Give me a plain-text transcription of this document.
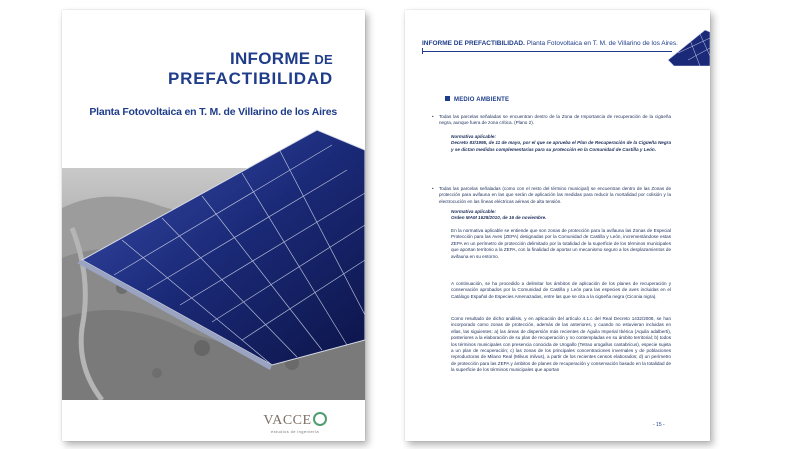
INFORME DE
PREFACTIBILIDAD
Planta Fotovoltaica en T. M. de Villarino de los Aires
VACCE
estudios de ingeniería
INFORME DE PREFACTIBILIDAD. Planta Fotovoltaica en T. M. de Villarino de los Aires.
MEDIO AMBIENTE
• Todas las parcelas señaladas se encuentran dentro de la Zona de Importancia de recuperación de la cigüeña negra, aunque fuera de zona crítica. (Plano 2).
Normativa aplicable:
Decreto 83/1995, de 11 de mayo, por el que se aprueba el Plan de Recuperación de la Cigüeña Negra y se dictan medidas complementarias para su protección en la Comunidad de Castilla y León.
• Todas las parcelas señaladas (como con el resto del término municipal) se encuentran dentro de las Zonas de protección para avifauna en las que serán de aplicación las medidas para reducir la mortalidad por colisión y la electrocución en las líneas eléctricas aéreas de alta tensión.
Normativa aplicable:
Orden MAM 1628/2010, de 16 de noviembre.
En la normativa aplicable se entiende que son zonas de protección para la avifauna las Zonas de Especial Protección para las Aves (ZEPA) designadas por la Comunidad de Castilla y León, incrementándose estas ZEPA en un perímetro de protección delimitado por la totalidad de la superficie de los términos municipales que aportan territorio a la ZEPA, con la finalidad de aportar un mecanismo seguro a los desplazamientos de avifauna en su entorno.
A continuación, se ha procedido a delimitar los ámbitos de aplicación de los planes de recuperación y conservación aprobados por la Comunidad de Castilla y León para las especies de aves incluidas en el Catálogo Español de Especies Amenazadas, entre las que se cita a la cigüeña negra (Ciconia nigra).
Como resultado de dicho análisis, y en aplicación del artículo 4.1.c del Real Decreto 1432/2008, se han incorporado como zonas de protección, además de las anteriores, y cuando no estuvieran incluidas en ellas, las siguientes: a) las áreas de dispersión más recientes de Águila Imperial Ibérica (Aquila adalberti), posteriores a la elaboración de su plan de recuperación y no contempladas en su ámbito territorial; b) todos los términos municipales con presencia conocida de Urogallo (Tetrao urogallus cantabricus), especie sujeta a un plan de recuperación; c) las zonas de los principales concentraciones invernales y de poblaciones reproductoras de Milano Real (Milvus milvus), a partir de los recientes censos elaborados; d) un perímetro de protección para las ZEPA y ámbitos de planes de recuperación y conservación basado en la totalidad de la superficie de los términos municipales que aportan
- 15 -
